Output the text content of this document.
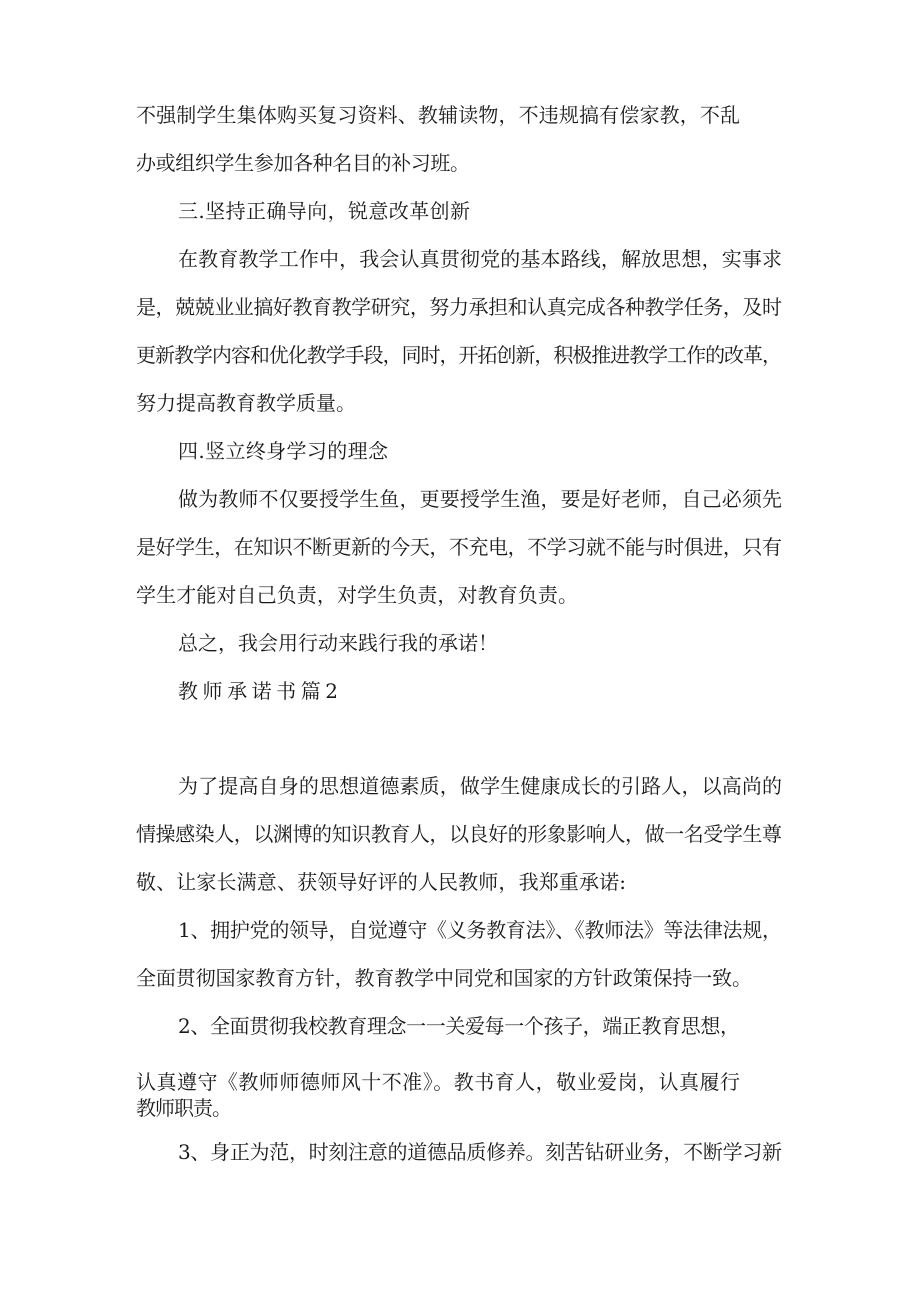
不强制学生集体购买复习资料、教辅读物，不违规搞有偿家教，不乱
办或组织学生参加各种名目的补习班。
三.坚持正确导向，锐意改革创新
在教育教学工作中，我会认真贯彻党的基本路线，解放思想，实事求
是，兢兢业业搞好教育教学研究，努力承担和认真完成各种教学任务，及时
更新教学内容和优化教学手段，同时，开拓创新，积极推进教学工作的改革，
努力提高教育教学质量。
四.竖立终身学习的理念
做为教师不仅要授学生鱼，更要授学生渔，要是好老师，自己必须先
是好学生，在知识不断更新的今天，不充电，不学习就不能与时俱进，只有
学生才能对自己负责，对学生负责，对教育负责。
总之，我会用行动来践行我的承诺！
教师承诺书篇2
为了提高自身的思想道德素质，做学生健康成长的引路人，以高尚的
情操感染人，以渊博的知识教育人，以良好的形象影响人，做一名受学生尊
敬、让家长满意、获领导好评的人民教师，我郑重承诺:
1、拥护党的领导，自觉遵守《义务教育法》、《教师法》等法律法规，
全面贯彻国家教育方针，教育教学中同党和国家的方针政策保持一致。
2、全面贯彻我校教育理念一一关爱每一个孩子，端正教育思想，
认真遵守《教师师德师风十不准》。教书育人，敬业爱岗，认真履行
教师职责。
3、身正为范，时刻注意的道德品质修养。刻苦钻研业务，不断学习新
